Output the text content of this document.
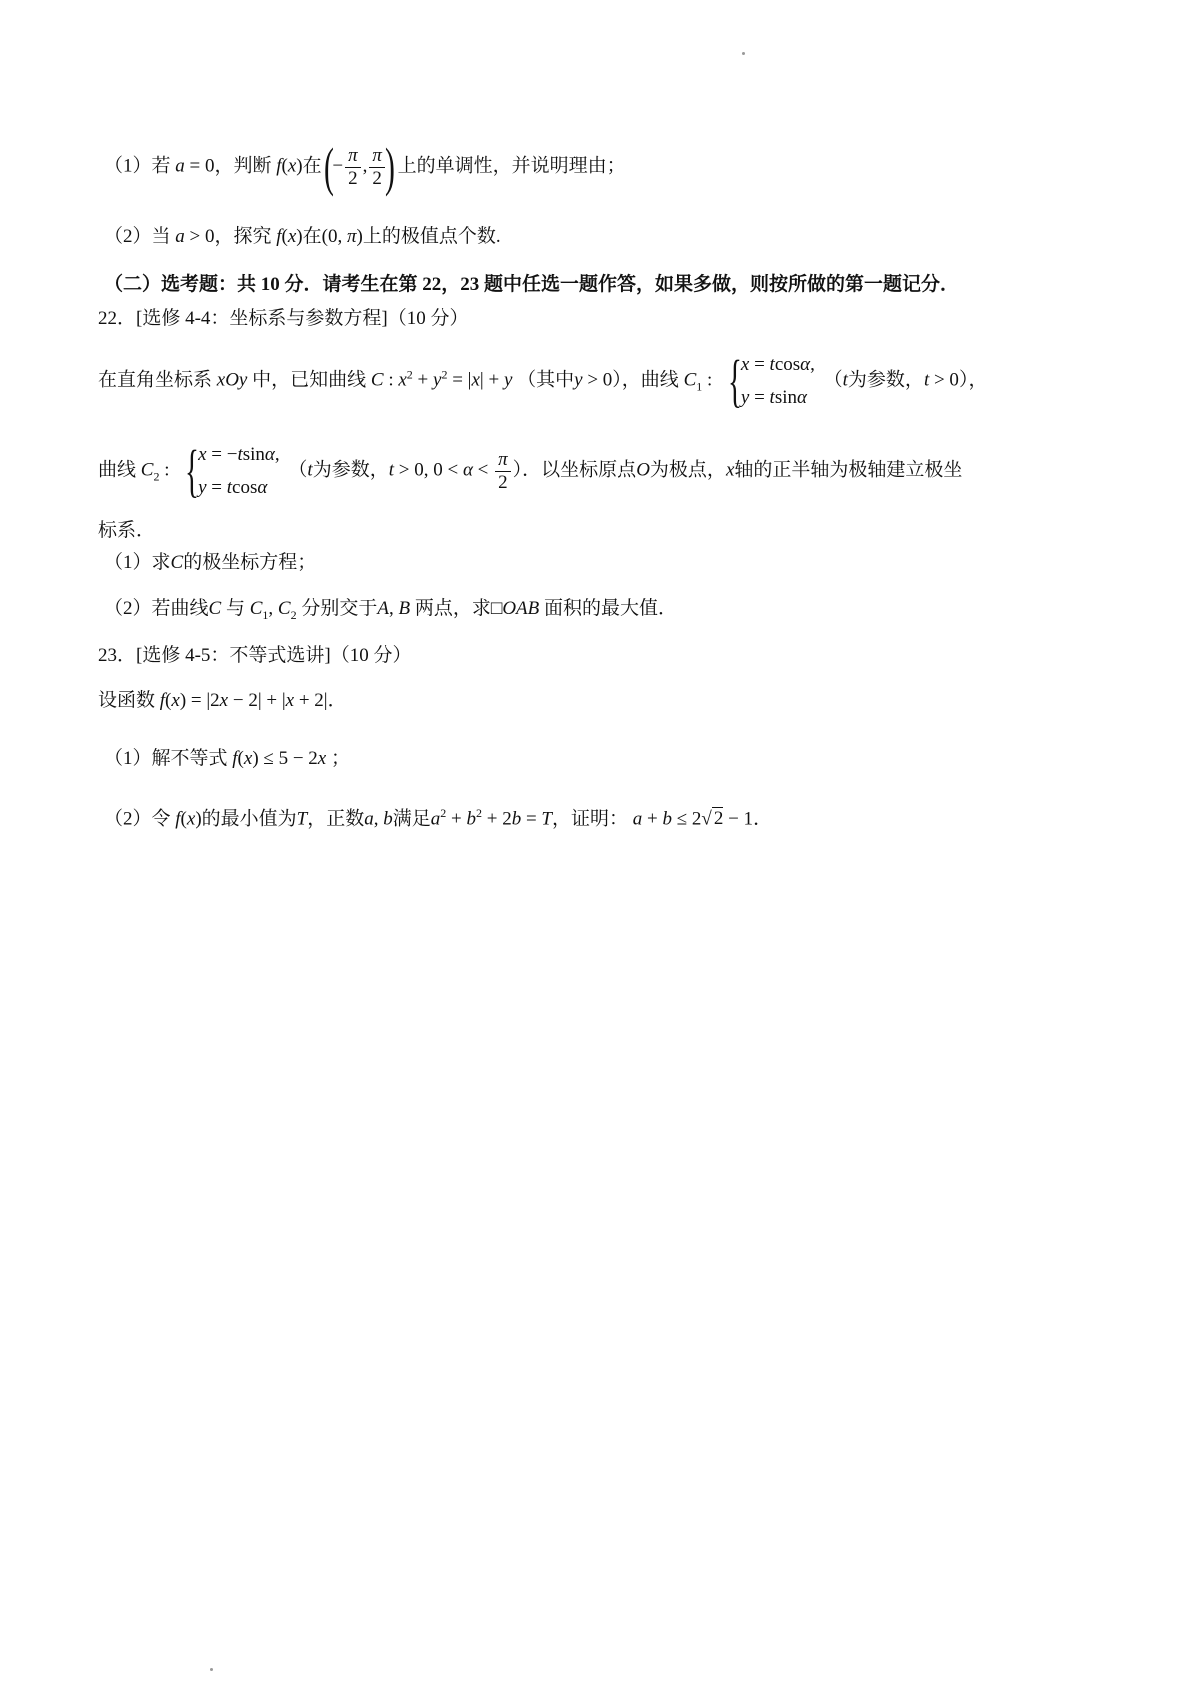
（1）若 a = 0，判断 f(x)在 (− $\frac{\pi}{2}$ , $\frac{\pi}{2}$ ) 上的单调性，并说明理由；
（2）当 a > 0，探究 f(x)在(0, π)上的极值点个数.
（二）选考题：共 10 分．请考生在第 22，23 题中任选一题作答，如果多做，则按所做的第一题记分．
22．[选修 4-4：坐标系与参数方程]（10 分）
在直角坐标系 xOy 中，已知曲线 C : $x^2 + y^2 = |x| + y$ （其中y > 0），曲线 $C_1$ : {
x = tcosα,
y = tsinα
（t为参数，t > 0），
曲线 $C_2$ : {
x = −tsinα,
y = tcosα
（t为参数，t > 0, $0 < \alpha < \frac{\pi}{2}$ ）．以坐标原点O为极点，x轴的正半轴为极轴建立极坐
标系．
（1）求C的极坐标方程；
（2）若曲线C 与 $C_1$, $C_2$ 分别交于A, B 两点，求□OAB 面积的最大值．
23．[选修 4-5：不等式选讲]（10 分）
设函数 f(x) = |2x − 2| + |x + 2|．
（1）解不等式 f(x) ≤ 5 − 2x ；
（2）令 f(x)的最小值为T，正数a, b满足$a^2 + b^2 + 2b = T$，证明： a + b ≤ 2√ 2 − 1．
